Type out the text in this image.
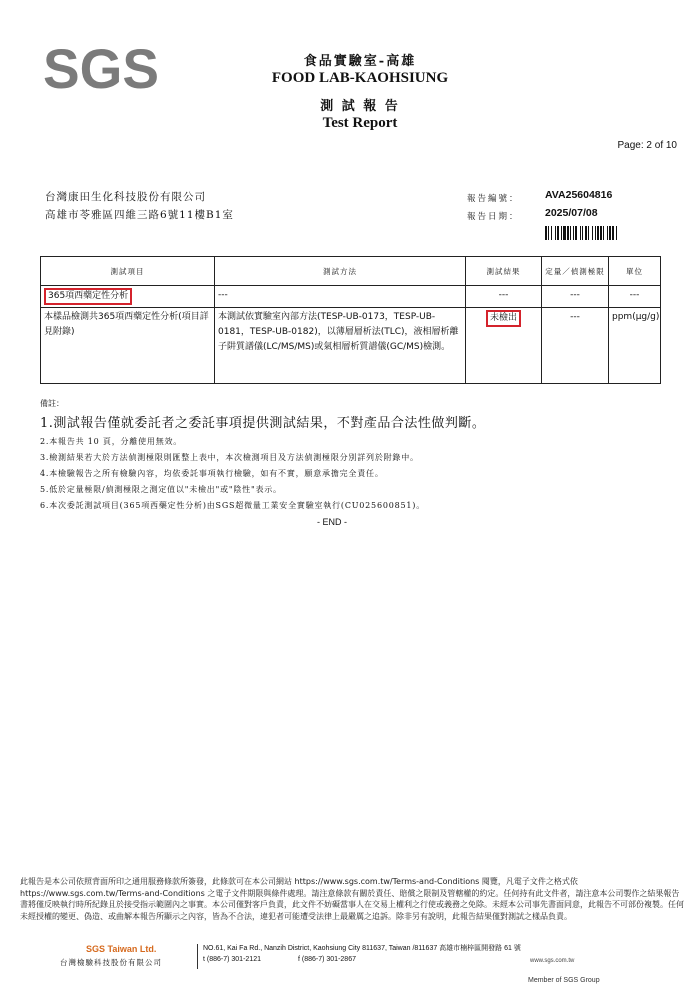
SGS	食品實驗室-高雄
FOOD LAB-KAOHSIUNG
測 試 報 告
Test Report
Page: 2 of 10
台灣康田生化科技股份有限公司
高雄市苓雅區四維三路6號11樓B1室
報告編號： AVA25604816
報告日期： 2025/07/08
測試項目	測試方法	測試結果	定量／偵測極限	單位
365項西藥定性分析	---	---	---	---
本樣品檢測共365項西藥定性分析(項目詳見附錄)	本測試依實驗室內部方法(TESP-UB-0173，TESP-UB-0181，TESP-UB-0182)，以薄層層析法(TLC)，液相層析離子阱質譜儀(LC/MS/MS)或氣相層析質譜儀(GC/MS)檢測。	未檢出	---	ppm(μg/g)
備註：
1.測試報告僅就委託者之委託事項提供測試結果，不對產品合法性做判斷。
2.本報告共 10 頁，分離使用無效。
3.檢測結果若大於方法偵測極限則匯整上表中，本次檢測項目及方法偵測極限分別詳列於附錄中。
4.本檢驗報告之所有檢驗內容，均依委託事項執行檢驗，如有不實，願意承擔完全責任。
5.低於定量極限/偵測極限之測定值以"未檢出"或"陰性"表示。
6.本次委託測試項目(365項西藥定性分析)由SGS超微量工業安全實驗室執行(CU025600851)。
- END -
此報告是本公司依照背面所印之通用服務條款所簽發，此條款可在本公司網站 https://www.sgs.com.tw/Terms-and-Conditions 閱覽，凡電子文件之格式依 https://www.sgs.com.tw/Terms-and-Conditions 之電子文件期限與條件處理。請注意條款有關於責任、賠償之限制及管轄權的約定。任何持有此文件者，請注意本公司製作之結果報告書將僅反映執行時所紀錄且於接受指示範圍內之事實。本公司僅對客戶負責，此文件不妨礙當事人在交易上權利之行使或義務之免除。未經本公司事先書面同意，此報告不可部份複製。任何未經授權的變更、偽造、或曲解本報告所顯示之內容，皆為不合法，違犯者可能遭受法律上最嚴厲之追訴。除非另有說明，此報告結果僅對測試之樣品負責。
SGS Taiwan Ltd.
台灣檢驗科技股份有限公司
NO.61, Kai Fa Rd., Nanzih District, Kaohsiung City 811637, Taiwan /811637 高雄市楠梓區開發路 61 號
t (886-7) 301-2121	f (886-7) 301-2867	www.sgs.com.tw
Member of SGS Group
